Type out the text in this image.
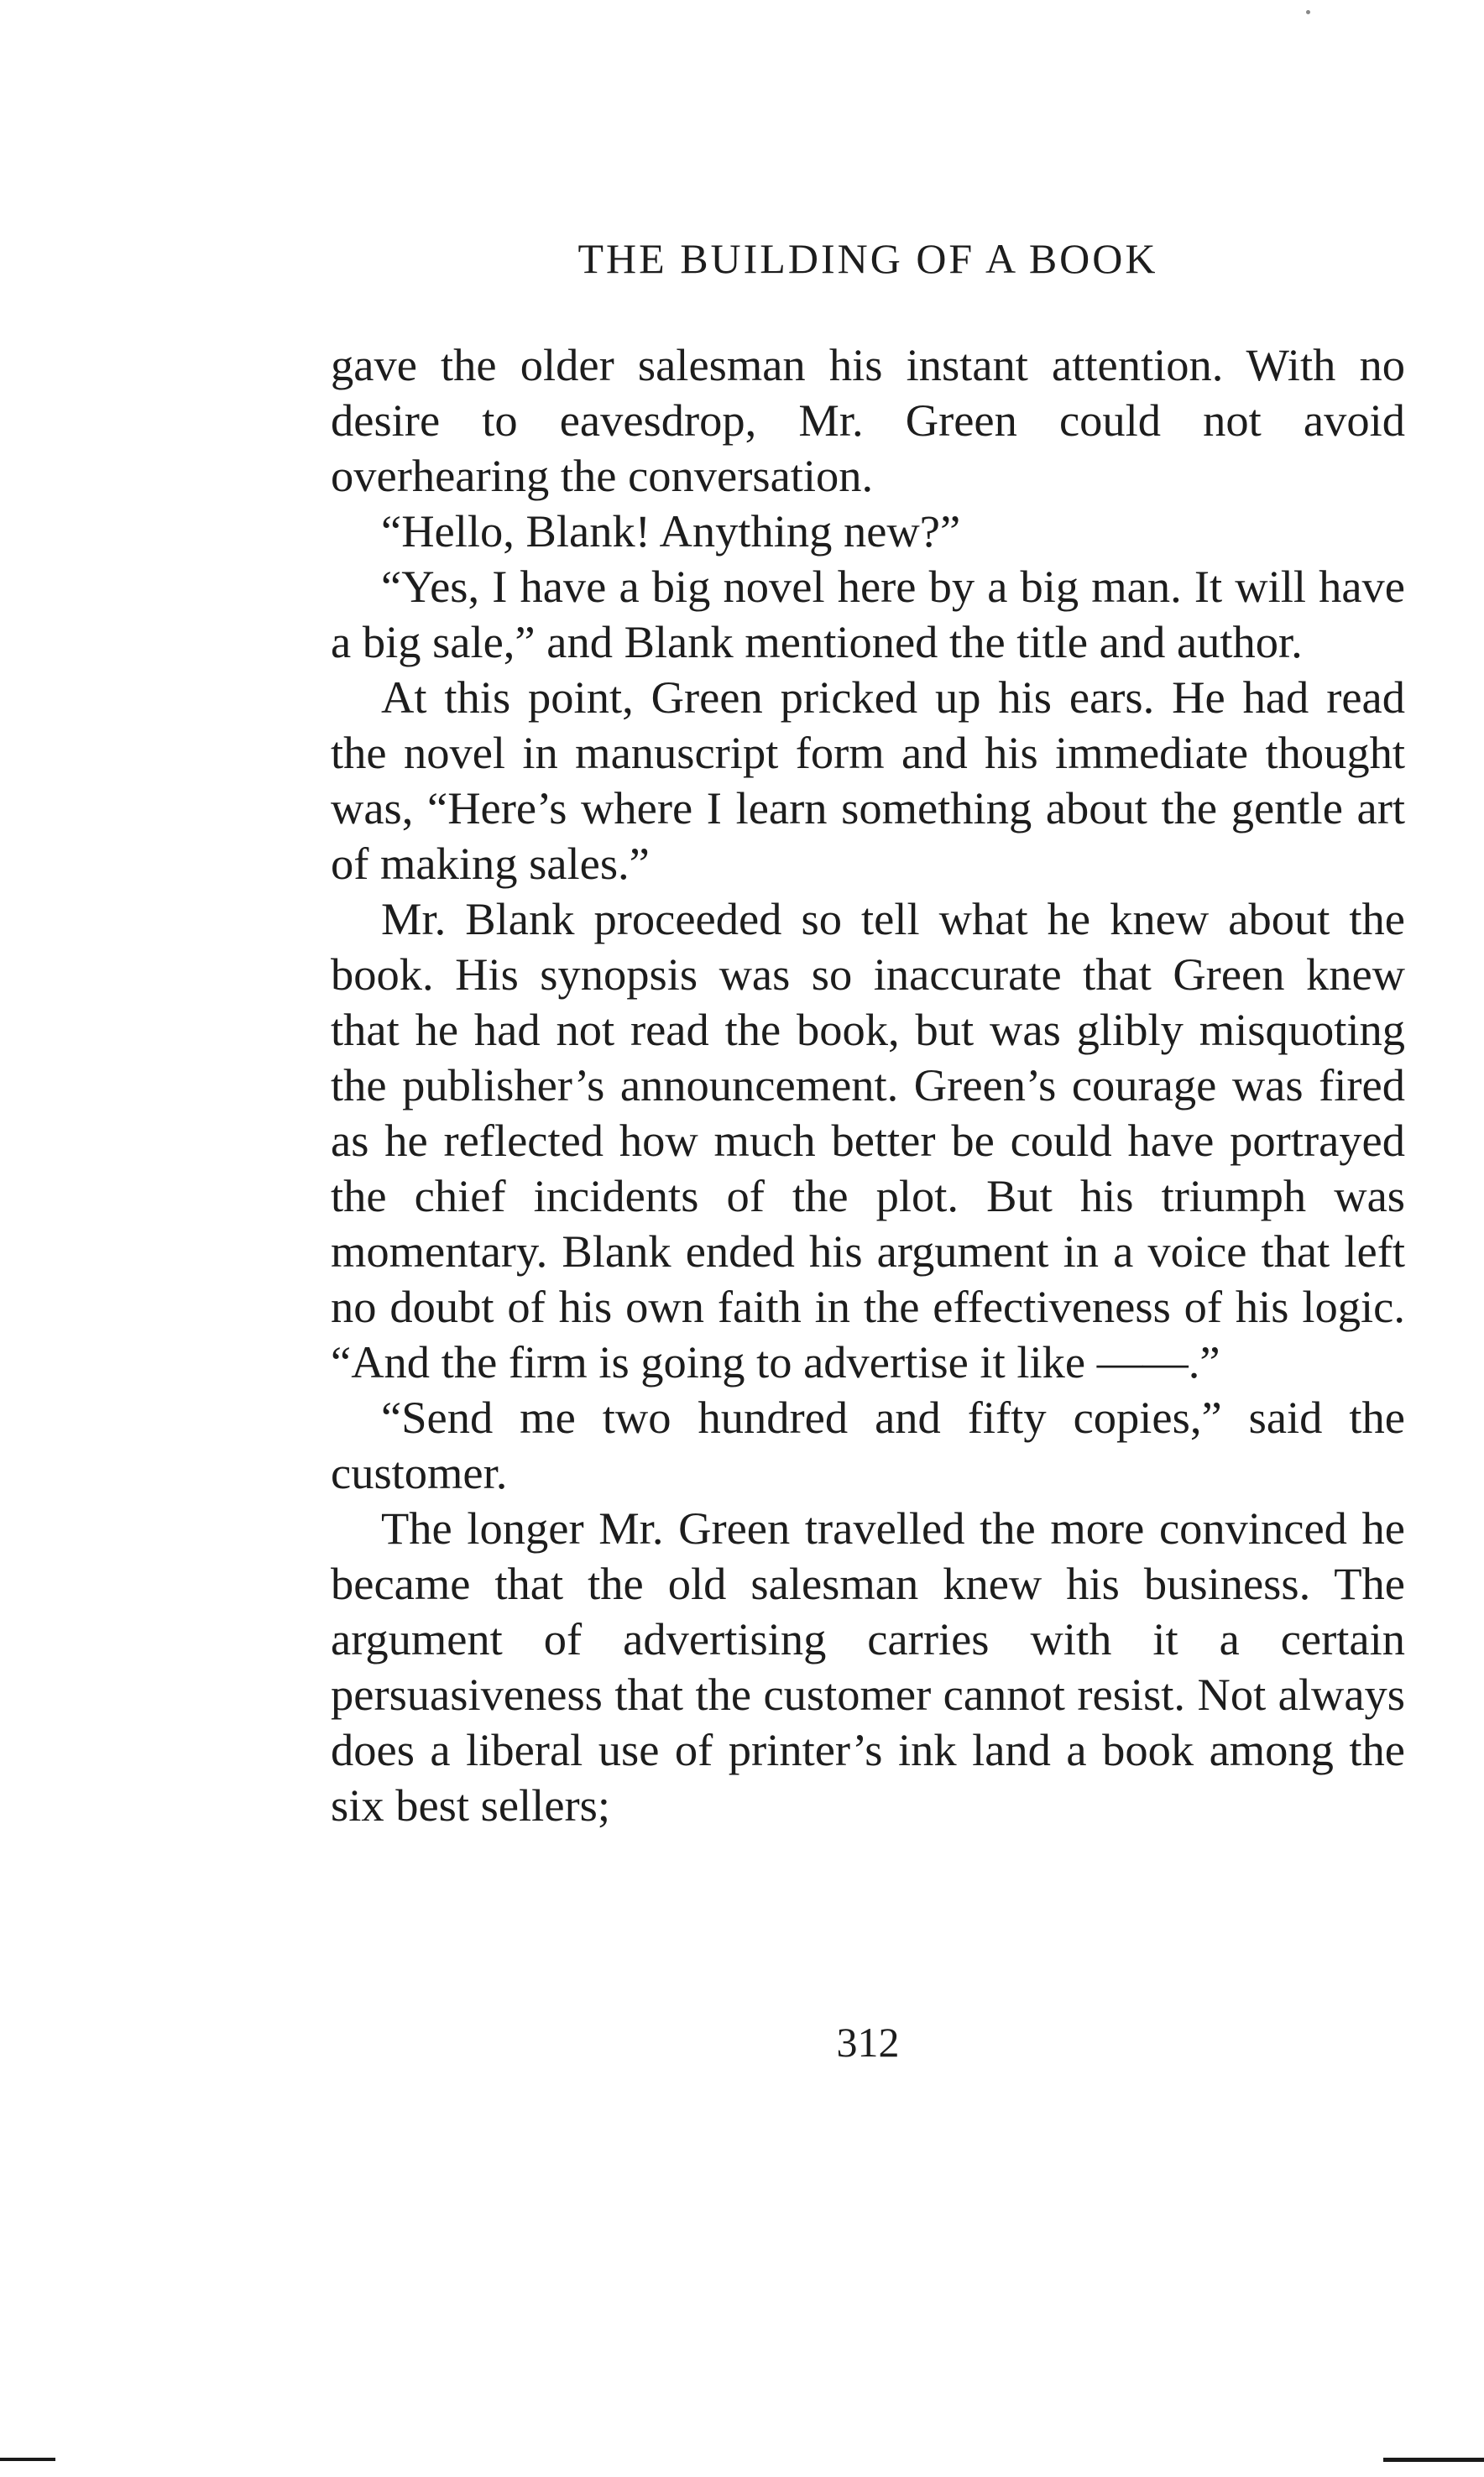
THE BUILDING OF A BOOK

gave the older salesman his instant attention. With no desire to eavesdrop, Mr. Green could not avoid overhearing the conversation.

“Hello, Blank! Anything new?”

“Yes, I have a big novel here by a big man. It will have a big sale,” and Blank mentioned the title and author.

At this point, Green pricked up his ears. He had read the novel in manuscript form and his immediate thought was, “Here’s where I learn something about the gentle art of making sales.”

Mr. Blank proceeded so tell what he knew about the book. His synopsis was so inaccurate that Green knew that he had not read the book, but was glibly misquoting the publisher’s announcement. Green’s courage was fired as he reflected how much better be could have portrayed the chief incidents of the plot. But his triumph was momentary. Blank ended his argument in a voice that left no doubt of his own faith in the effectiveness of his logic. “And the firm is going to advertise it like ——.”

“Send me two hundred and fifty copies,” said the customer.

The longer Mr. Green travelled the more convinced he became that the old salesman knew his business. The argument of advertising carries with it a certain persuasiveness that the customer cannot resist. Not always does a liberal use of printer’s ink land a book among the six best sellers;

312
